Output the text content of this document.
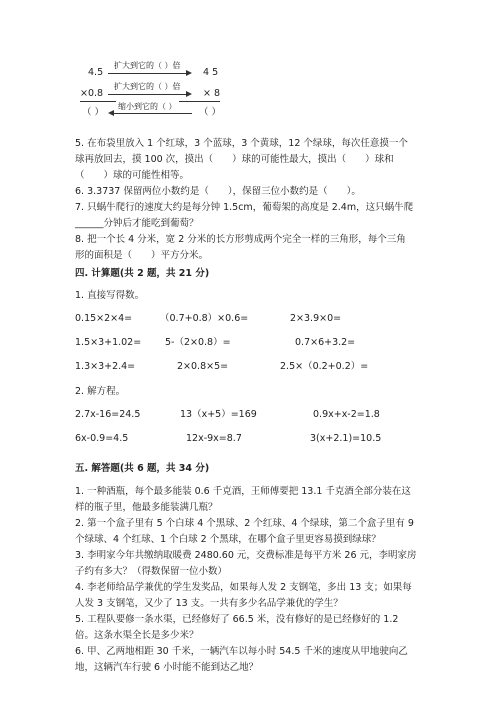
4.5
扩大到它的（ ）倍
4 5
×0.8
扩大到它的（ ）倍
× 8
（ ）
缩小到它的（ ）
（ ）
5. 在布袋里放入 1 个红球，3 个蓝球，3 个黄球，12 个绿球，每次任意摸一个
球再放回去，摸 100 次，摸出（　　）球的可能性最大，摸出（　　）球和
（　　）球的可能性相等。
6. 3.3737 保留两位小数约是（　　），保留三位小数约是（　　）。
7. 只蜗牛爬行的速度大约是每分钟 1.5cm，葡萄架的高度是 2.4m，这只蜗牛爬
______分钟后才能吃到葡萄？
8. 把一个长 4 分米，宽 2 分米的长方形剪成两个完全一样的三角形，每个三角
形的面积是（　　）平方分米。
四. 计算题(共 2 题，共 21 分)
1. 直接写得数。
0.15×2×4=	（0.7+0.8）×0.6=	2×3.9×0=
1.5×3+1.02=	5-（2×0.8）=	0.7×6+3.2=
1.3×3+2.4=	2×0.8×5=	2.5×（0.2+0.2）=
2. 解方程。
2.7x-16=24.5	13（x+5）=169	0.9x+x-2=1.8
6x-0.9=4.5	12x-9x=8.7	3(x+2.1)=10.5
五. 解答题(共 6 题，共 34 分)
1. 一种酒瓶，每个最多能装 0.6 千克酒，王师傅要把 13.1 千克酒全部分装在这
样的瓶子里，他最多能装满几瓶？
2. 第一个盒子里有 5 个白球 4 个黑球、2 个红球、4 个绿球，第二个盒子里有 9
个绿球、4 个红球、1 个白球 2 个黑球，在哪个盒子里更容易摸到绿球？
3. 李明家今年共缴纳取暖费 2480.60 元，交费标准是每平方米 26 元，李明家房
子约有多大？（得数保留一位小数）
4. 李老师给品学兼优的学生发奖品，如果每人发 2 支钢笔，多出 13 支；如果每
人发 3 支钢笔，又少了 13 支。一共有多少名品学兼优的学生？
5. 工程队要修一条水渠，已经修好了 66.5 米，没有修好的是已经修好的 1.2
倍。这条水渠全长是多少米？
6. 甲、乙两地相距 30 千米，一辆汽车以每小时 54.5 千米的速度从甲地驶向乙
地，这辆汽车行驶 6 小时能不能到达乙地？
